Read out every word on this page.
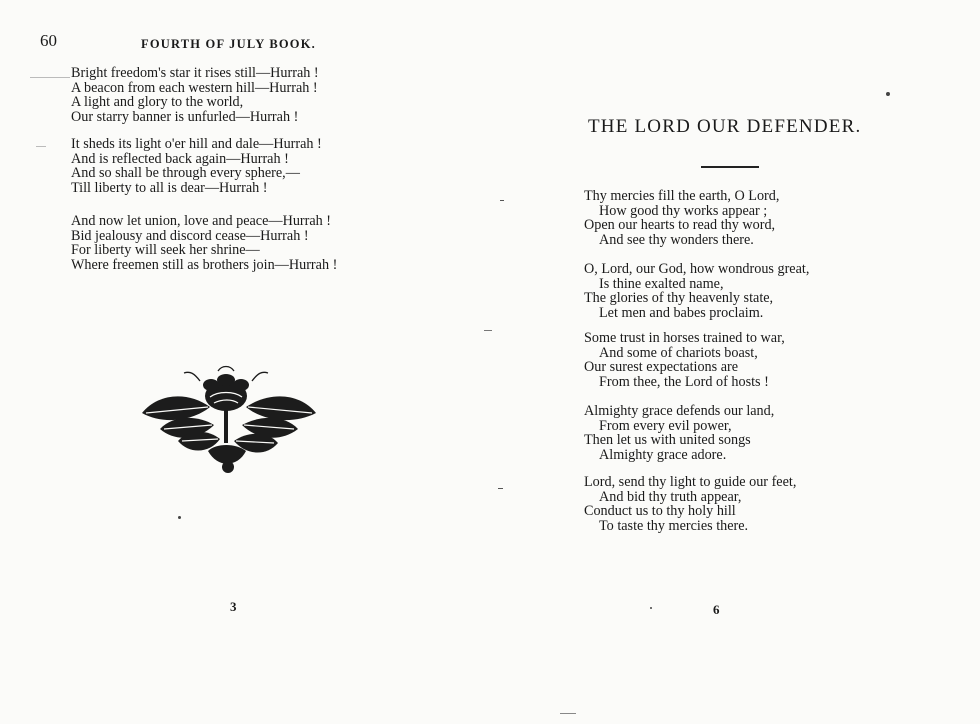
60	FOURTH OF JULY BOOK.
Bright freedom's star it rises still—Hurrah !
A beacon from each western hill—Hurrah !
A light and glory to the world,
Our starry banner is unfurled—Hurrah !
It sheds its light o'er hill and dale—Hurrah !
And is reflected back again—Hurrah !
And so shall be through every sphere,—
Till liberty to all is dear—Hurrah !
And now let union, love and peace—Hurrah !
Bid jealousy and discord cease—Hurrah !
For liberty will seek her shrine—
Where freemen still as brothers join—Hurrah !
3
THE LORD OUR DEFENDER.
Thy mercies fill the earth, O Lord,
How good thy works appear ;
Open our hearts to read thy word,
And see thy wonders there.
O, Lord, our God, how wondrous great,
Is thine exalted name,
The glories of thy heavenly state,
Let men and babes proclaim.
Some trust in horses trained to war,
And some of chariots boast,
Our surest expectations are
From thee, the Lord of hosts !
Almighty grace defends our land,
From every evil power,
Then let us with united songs
Almighty grace adore.
Lord, send thy light to guide our feet,
And bid thy truth appear,
Conduct us to thy holy hill
To taste thy mercies there.
6
